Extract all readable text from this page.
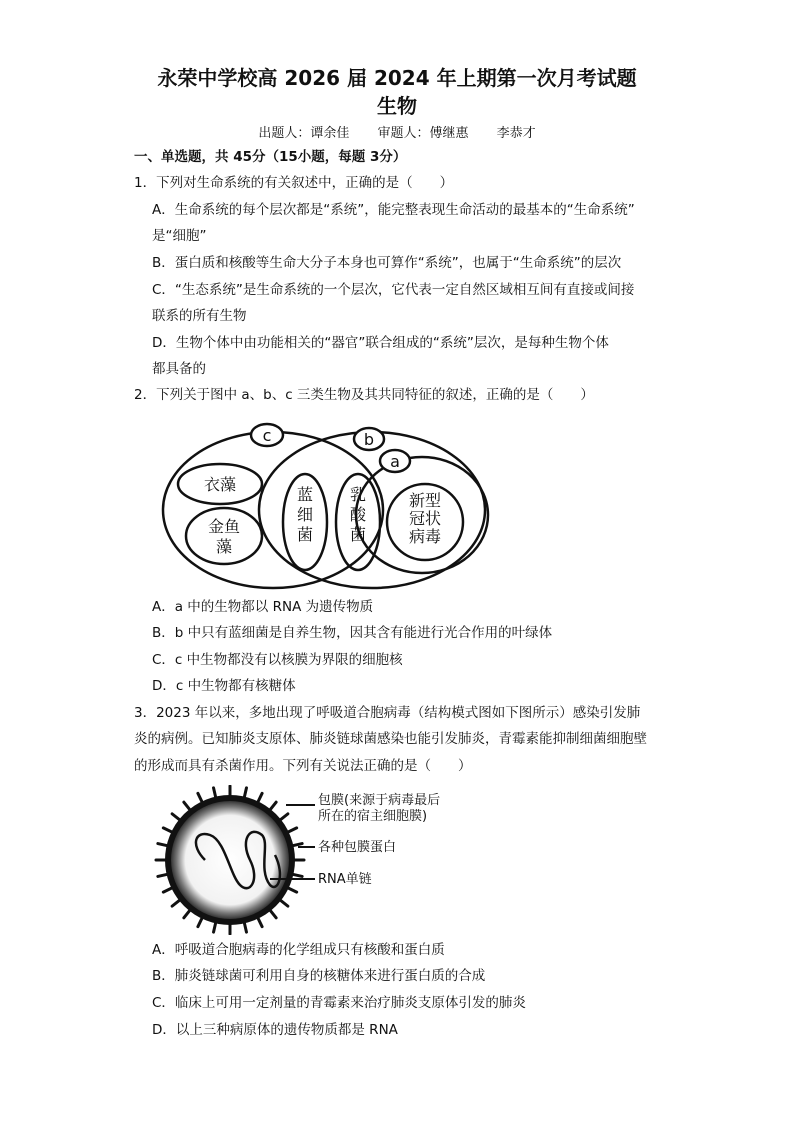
永荣中学校高 2026 届 2024 年上期第一次月考试题
生物
出题人：谭余佳 审题人：傅继惠 李恭才
一、单选题，共 45分（15小题，每题 3分）
1．下列对生命系统的有关叙述中，正确的是（　　）
A．生命系统的每个层次都是“系统”，能完整表现生命活动的最基本的“生命系统”
是“细胞”
B．蛋白质和核酸等生命大分子本身也可算作“系统”，也属于“生命系统”的层次
C．“生态系统”是生命系统的一个层次，它代表一定自然区域相互间有直接或间接
联系的所有生物
D．生物个体中由功能相关的“器官”联合组成的“系统”层次，是每种生物个体
都具备的
2．下列关于图中 a、b、c 三类生物及其共同特征的叙述，正确的是（　　）
c	b
a
衣藻
金鱼
藻
蓝
细
菌
乳
酸
菌
新型
冠状
病毒
A．a 中的生物都以 RNA 为遗传物质
B．b 中只有蓝细菌是自养生物，因其含有能进行光合作用的叶绿体
C．c 中生物都没有以核膜为界限的细胞核
D．c 中生物都有核糖体
3．2023 年以来，多地出现了呼吸道合胞病毒（结构模式图如下图所示）感染引发肺
炎的病例。已知肺炎支原体、肺炎链球菌感染也能引发肺炎，青霉素能抑制细菌细胞壁
的形成而具有杀菌作用。下列有关说法正确的是（　　）
包膜(来源于病毒最后
所在的宿主细胞膜)
各种包膜蛋白
RNA单链
A．呼吸道合胞病毒的化学组成只有核酸和蛋白质
B．肺炎链球菌可利用自身的核糖体来进行蛋白质的合成
C．临床上可用一定剂量的青霉素来治疗肺炎支原体引发的肺炎
D．以上三种病原体的遗传物质都是 RNA
